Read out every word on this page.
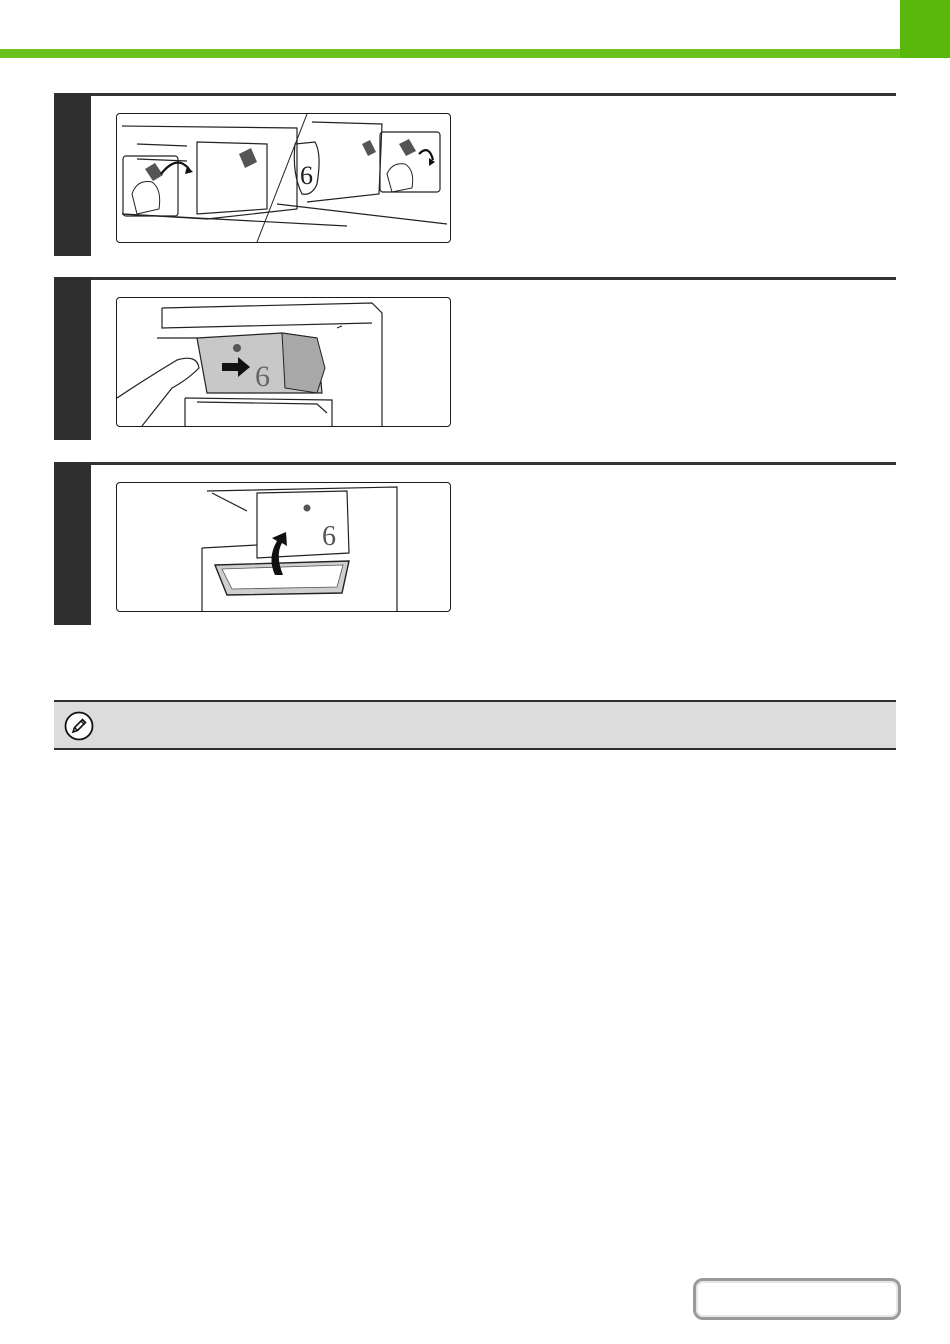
6
6
6
